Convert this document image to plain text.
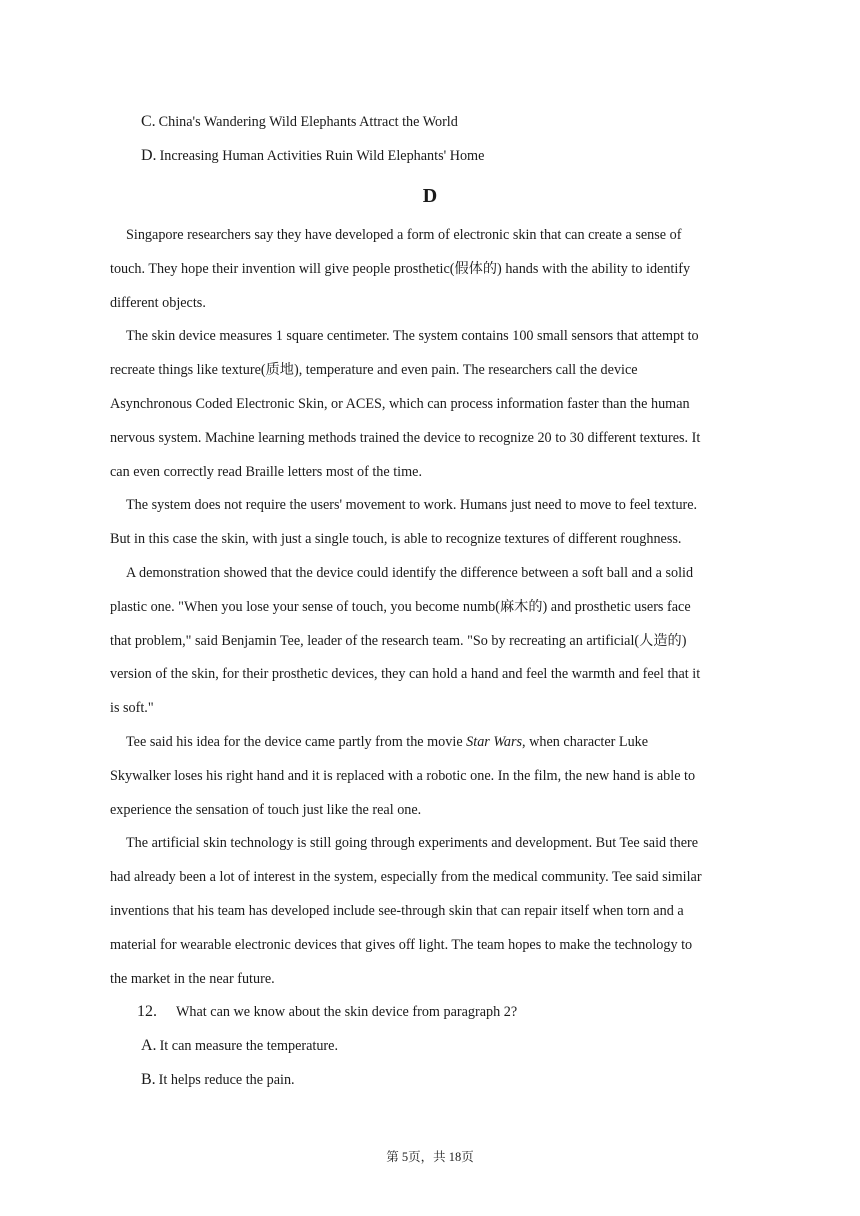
C. China's Wandering Wild Elephants Attract the World
D. Increasing Human Activities Ruin Wild Elephants' Home
D
Singapore researchers say they have developed a form of electronic skin that can create a sense of
touch. They hope their invention will give people prosthetic(假体的) hands with the ability to identify
different objects.
The skin device measures 1 square centimeter. The system contains 100 small sensors that attempt to
recreate things like texture(质地), temperature and even pain. The researchers call the device
Asynchronous Coded Electronic Skin, or ACES, which can process information faster than the human
nervous system. Machine learning methods trained the device to recognize 20 to 30 different textures. It
can even correctly read Braille letters most of the time.
The system does not require the users' movement to work. Humans just need to move to feel texture.
But in this case the skin, with just a single touch, is able to recognize textures of different roughness.
A demonstration showed that the device could identify the difference between a soft ball and a solid
plastic one. "When you lose your sense of touch, you become numb(麻木的) and prosthetic users face
that problem," said Benjamin Tee, leader of the research team. "So by recreating an artificial(人造的)
version of the skin, for their prosthetic devices, they can hold a hand and feel the warmth and feel that it
is soft."
Tee said his idea for the device came partly from the movie Star Wars, when character Luke
Skywalker loses his right hand and it is replaced with a robotic one. In the film, the new hand is able to
experience the sensation of touch just like the real one.
The artificial skin technology is still going through experiments and development. But Tee said there
had already been a lot of interest in the system, especially from the medical community. Tee said similar
inventions that his team has developed include see-through skin that can repair itself when torn and a
material for wearable electronic devices that gives off light. The team hopes to make the technology to
the market in the near future.
12. What can we know about the skin device from paragraph 2?
A. It can measure the temperature.
B. It helps reduce the pain.
第 5页，共 18页
